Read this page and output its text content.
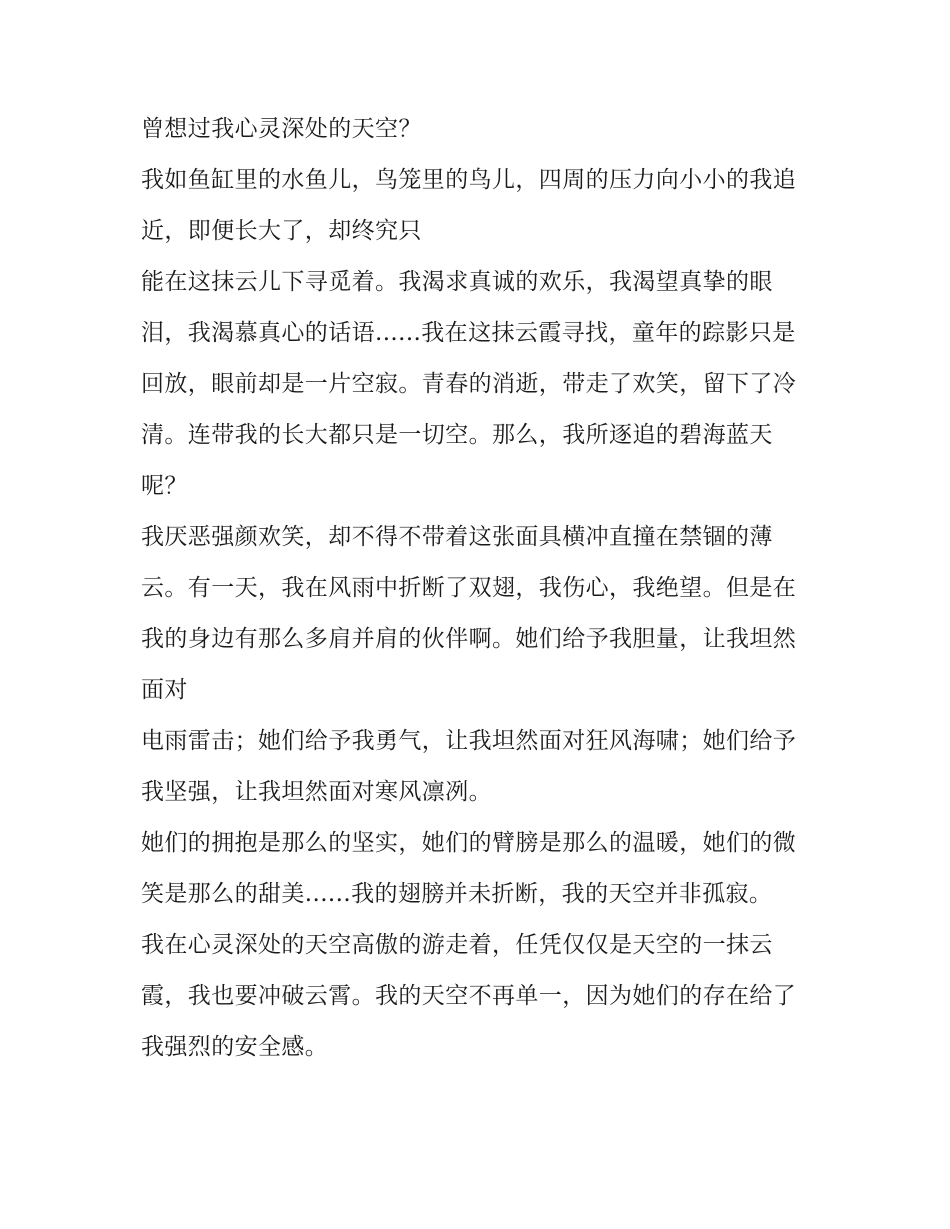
曾想过我心灵深处的天空？

我如鱼缸里的水鱼儿，鸟笼里的鸟儿，四周的压力向小小的我追近，即便长大了，却终究只

能在这抹云儿下寻觅着。我渴求真诚的欢乐，我渴望真挚的眼泪，我渴慕真心的话语......我在这抹云霞寻找，童年的踪影只是回放，眼前却是一片空寂。青春的消逝，带走了欢笑，留下了冷清。连带我的长大都只是一切空。那么，我所逐追的碧海蓝天呢？

我厌恶强颜欢笑，却不得不带着这张面具横冲直撞在禁锢的薄云。有一天，我在风雨中折断了双翅，我伤心，我绝望。但是在我的身边有那么多肩并肩的伙伴啊。她们给予我胆量，让我坦然面对

电雨雷击；她们给予我勇气，让我坦然面对狂风海啸；她们给予我坚强，让我坦然面对寒风凛冽。

她们的拥抱是那么的坚实，她们的臂膀是那么的温暖，她们的微笑是那么的甜美......我的翅膀并未折断，我的天空并非孤寂。

我在心灵深处的天空高傲的游走着，任凭仅仅是天空的一抹云霞，我也要冲破云霄。我的天空不再单一，因为她们的存在给了我强烈的安全感。
